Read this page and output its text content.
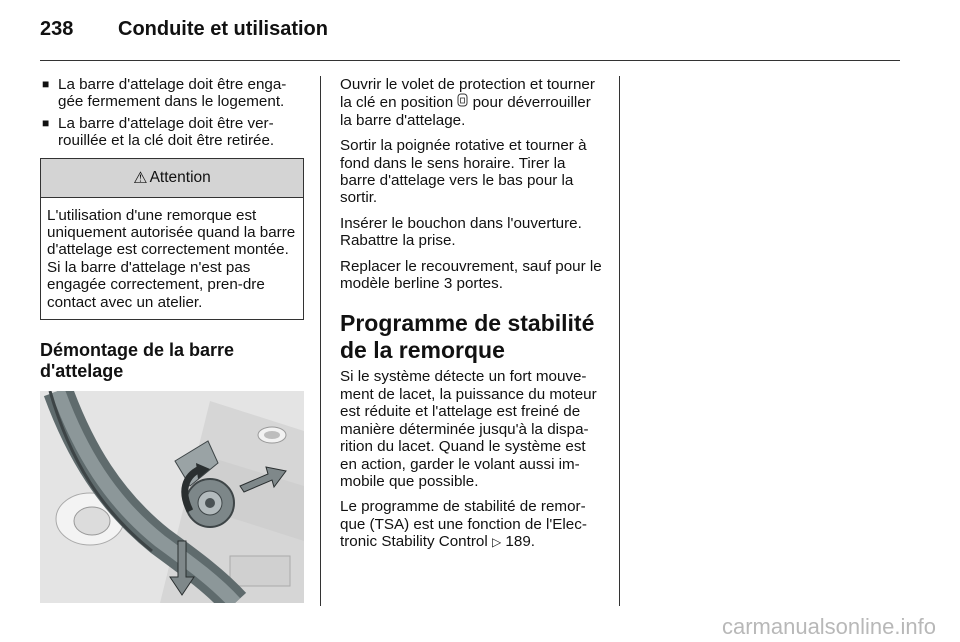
238	Conduite et utilisation
■ La barre d'attelage doit être enga-gée fermement dans le logement.
■ La barre d'attelage doit être ver-rouillée et la clé doit être retirée.
⚠ Attention
L'utilisation d'une remorque est uniquement autorisée quand la barre d'attelage est correctement montée. Si la barre d'attelage n'est pas engagée correctement, pren-dre contact avec un atelier.
Démontage de la barre d'attelage

Ouvrir le volet de protection et tourner la clé en position pour déverrouiller la barre d'attelage.

Sortir la poignée rotative et tourner à fond dans le sens horaire. Tirer la barre d'attelage vers le bas pour la sortir.

Insérer le bouchon dans l'ouverture. Rabattre la prise.

Replacer le recouvrement, sauf pour le modèle berline 3 portes.

Programme de stabilité de la remorque

Si le système détecte un fort mouve-ment de lacet, la puissance du moteur est réduite et l'attelage est freiné de manière déterminée jusqu'à la dispa-rition du lacet. Quand le système est en action, garder le volant aussi im-mobile que possible.

Le programme de stabilité de remor-que (TSA) est une fonction de l'Elec-tronic Stability Control ▷ 189.

carmanualsonline.info
